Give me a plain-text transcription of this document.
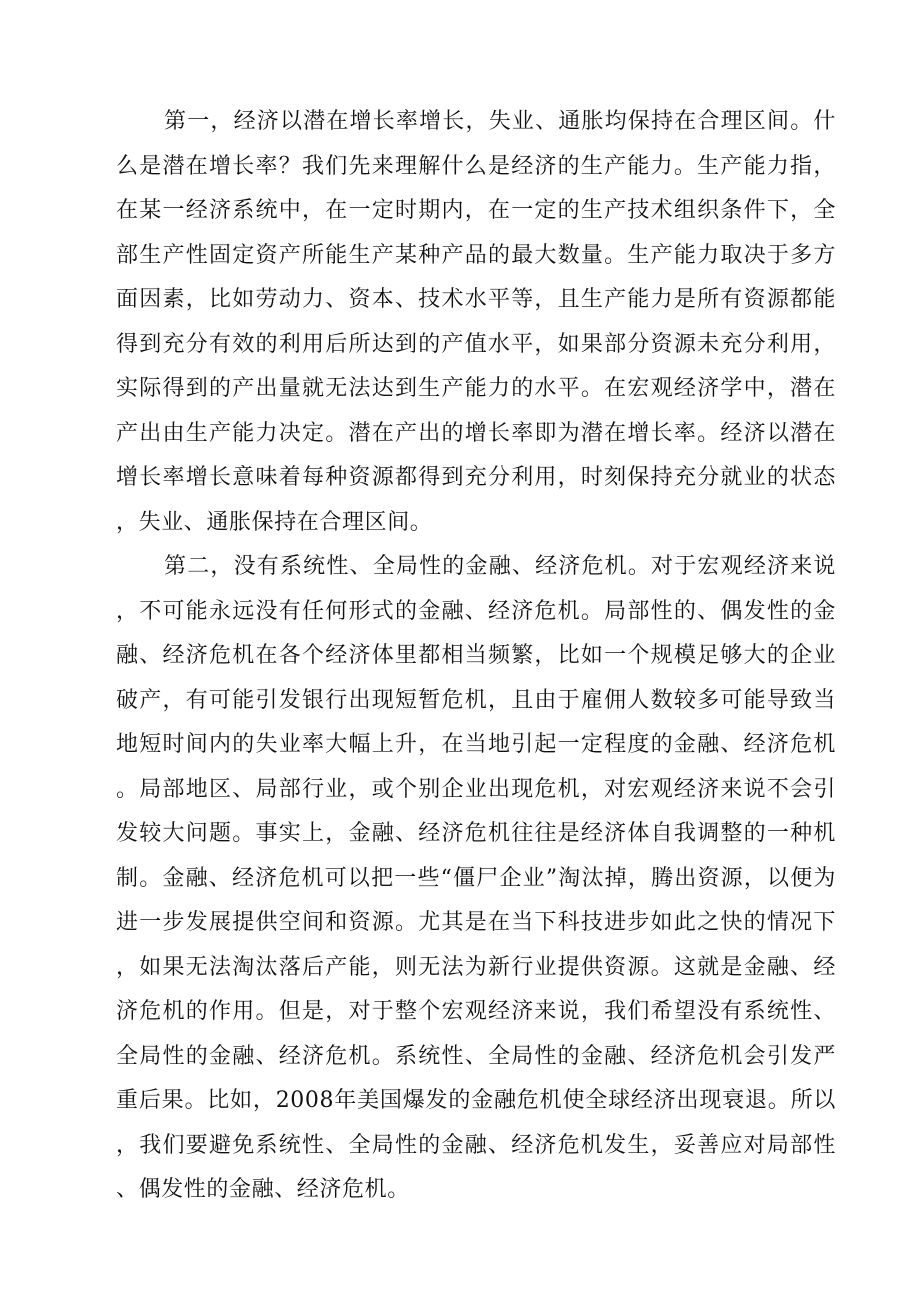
第一，经济以潜在增长率增长，失业、通胀均保持在合理区间。什么是潜在增长率？我们先来理解什么是经济的生产能力。生产能力指，在某一经济系统中，在一定时期内，在一定的生产技术组织条件下，全部生产性固定资产所能生产某种产品的最大数量。生产能力取决于多方面因素，比如劳动力、资本、技术水平等，且生产能力是所有资源都能得到充分有效的利用后所达到的产值水平，如果部分资源未充分利用，实际得到的产出量就无法达到生产能力的水平。在宏观经济学中，潜在产出由生产能力决定。潜在产出的增长率即为潜在增长率。经济以潜在增长率增长意味着每种资源都得到充分利用，时刻保持充分就业的状态，失业、通胀保持在合理区间。

第二，没有系统性、全局性的金融、经济危机。对于宏观经济来说，不可能永远没有任何形式的金融、经济危机。局部性的、偶发性的金融、经济危机在各个经济体里都相当频繁，比如一个规模足够大的企业破产，有可能引发银行出现短暂危机，且由于雇佣人数较多可能导致当地短时间内的失业率大幅上升，在当地引起一定程度的金融、经济危机。局部地区、局部行业，或个别企业出现危机，对宏观经济来说不会引发较大问题。事实上，金融、经济危机往往是经济体自我调整的一种机制。金融、经济危机可以把一些“僵尸企业”淘汰掉，腾出资源，以便为进一步发展提供空间和资源。尤其是在当下科技进步如此之快的情况下，如果无法淘汰落后产能，则无法为新行业提供资源。这就是金融、经济危机的作用。但是，对于整个宏观经济来说，我们希望没有系统性、全局性的金融、经济危机。系统性、全局性的金融、经济危机会引发严重后果。比如，2008年美国爆发的金融危机使全球经济出现衰退。所以，我们要避免系统性、全局性的金融、经济危机发生，妥善应对局部性、偶发性的金融、经济危机。
